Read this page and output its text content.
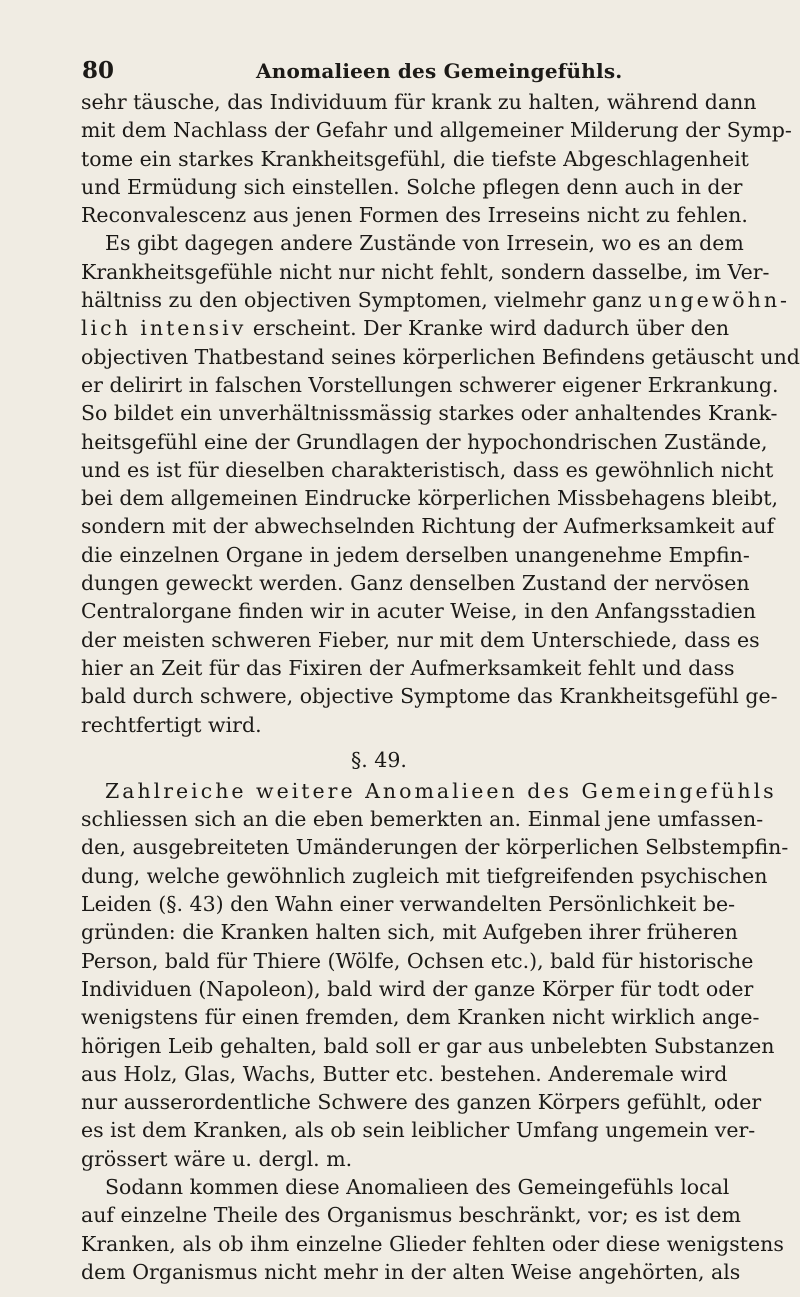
80	Anomalieen des Gemeingefühls.
sehr täusche, das Individuum für krank zu halten, während dann
mit dem Nachlass der Gefahr und allgemeiner Milderung der Symp-
tome ein starkes Krankheitsgefühl, die tiefste Abgeschlagenheit
und Ermüdung sich einstellen. Solche pflegen denn auch in der
Reconvalescenz aus jenen Formen des Irreseins nicht zu fehlen.
Es gibt dagegen andere Zustände von Irresein, wo es an dem
Krankheitsgefühle nicht nur nicht fehlt, sondern dasselbe, im Ver-
hältniss zu den objectiven Symptomen, vielmehr ganz ungewöhn-
lich intensiv erscheint. Der Kranke wird dadurch über den
objectiven Thatbestand seines körperlichen Befindens getäuscht und
er delirirt in falschen Vorstellungen schwerer eigener Erkrankung.
So bildet ein unverhältnissmässig starkes oder anhaltendes Krank-
heitsgefühl eine der Grundlagen der hypochondrischen Zustände,
und es ist für dieselben charakteristisch, dass es gewöhnlich nicht
bei dem allgemeinen Eindrucke körperlichen Missbehagens bleibt,
sondern mit der abwechselnden Richtung der Aufmerksamkeit auf
die einzelnen Organe in jedem derselben unangenehme Empfin-
dungen geweckt werden. Ganz denselben Zustand der nervösen
Centralorgane finden wir in acuter Weise, in den Anfangsstadien
der meisten schweren Fieber, nur mit dem Unterschiede, dass es
hier an Zeit für das Fixiren der Aufmerksamkeit fehlt und dass
bald durch schwere, objective Symptome das Krankheitsgefühl ge-
rechtfertigt wird.
§. 49.
Zahlreiche weitere Anomalieen des Gemeingefühls
schliessen sich an die eben bemerkten an. Einmal jene umfassen-
den, ausgebreiteten Umänderungen der körperlichen Selbstempfin-
dung, welche gewöhnlich zugleich mit tiefgreifenden psychischen
Leiden (§. 43) den Wahn einer verwandelten Persönlichkeit be-
gründen: die Kranken halten sich, mit Aufgeben ihrer früheren
Person, bald für Thiere (Wölfe, Ochsen etc.), bald für historische
Individuen (Napoleon), bald wird der ganze Körper für todt oder
wenigstens für einen fremden, dem Kranken nicht wirklich ange-
hörigen Leib gehalten, bald soll er gar aus unbelebten Substanzen
aus Holz, Glas, Wachs, Butter etc. bestehen. Anderemale wird
nur ausserordentliche Schwere des ganzen Körpers gefühlt, oder
es ist dem Kranken, als ob sein leiblicher Umfang ungemein ver-
grössert wäre u. dergl. m.
Sodann kommen diese Anomalieen des Gemeingefühls local
auf einzelne Theile des Organismus beschränkt, vor; es ist dem
Kranken, als ob ihm einzelne Glieder fehlten oder diese wenigstens
dem Organismus nicht mehr in der alten Weise angehörten, als
